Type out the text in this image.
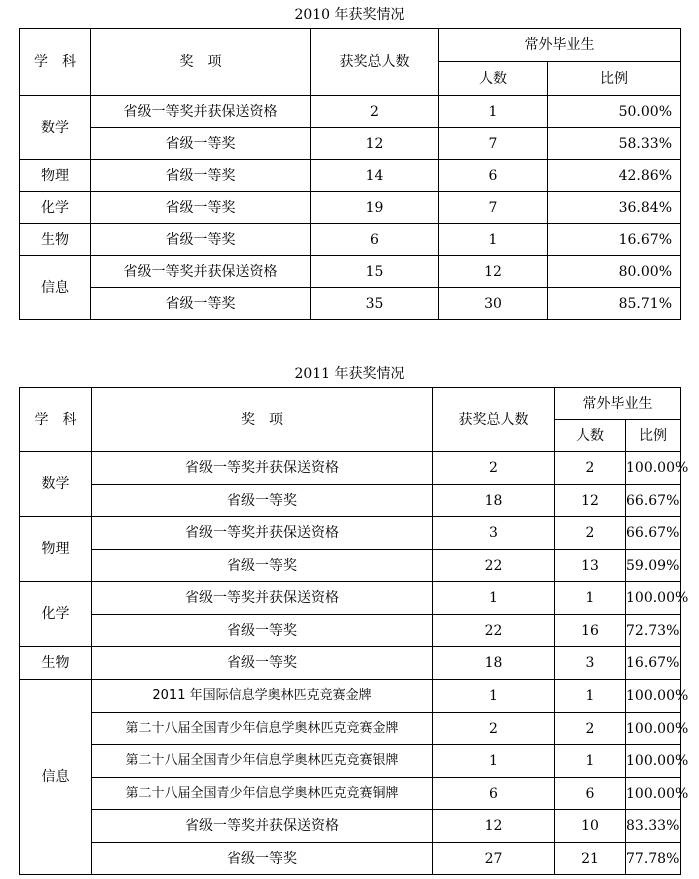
2010 年获奖情况
学　科	奖　项	获奖总人数	常外毕业生	
			人数	比例
数学	省级一等奖并获保送资格	2	1	50.00%
	省级一等奖	12	7	58.33%
物理	省级一等奖	14	6	42.86%
化学	省级一等奖	19	7	36.84%
生物	省级一等奖	6	1	16.67%
信息	省级一等奖并获保送资格	15	12	80.00%
	省级一等奖	35	30	85.71%
2011 年获奖情况
学　科	奖　项	获奖总人数	常外毕业生	
			人数	比例
数学	省级一等奖并获保送资格	2	2	100.00%
	省级一等奖	18	12	66.67%
物理	省级一等奖并获保送资格	3	2	66.67%
	省级一等奖	22	13	59.09%
化学	省级一等奖并获保送资格	1	1	100.00%
	省级一等奖	22	16	72.73%
生物	省级一等奖	18	3	16.67%
信息	2011 年国际信息学奥林匹克竞赛金牌	1	1	100.00%
	第二十八届全国青少年信息学奥林匹克竞赛金牌	2	2	100.00%
	第二十八届全国青少年信息学奥林匹克竞赛银牌	1	1	100.00%
	第二十八届全国青少年信息学奥林匹克竞赛铜牌	6	6	100.00%
	省级一等奖并获保送资格	12	10	83.33%
	省级一等奖	27	21	77.78%
